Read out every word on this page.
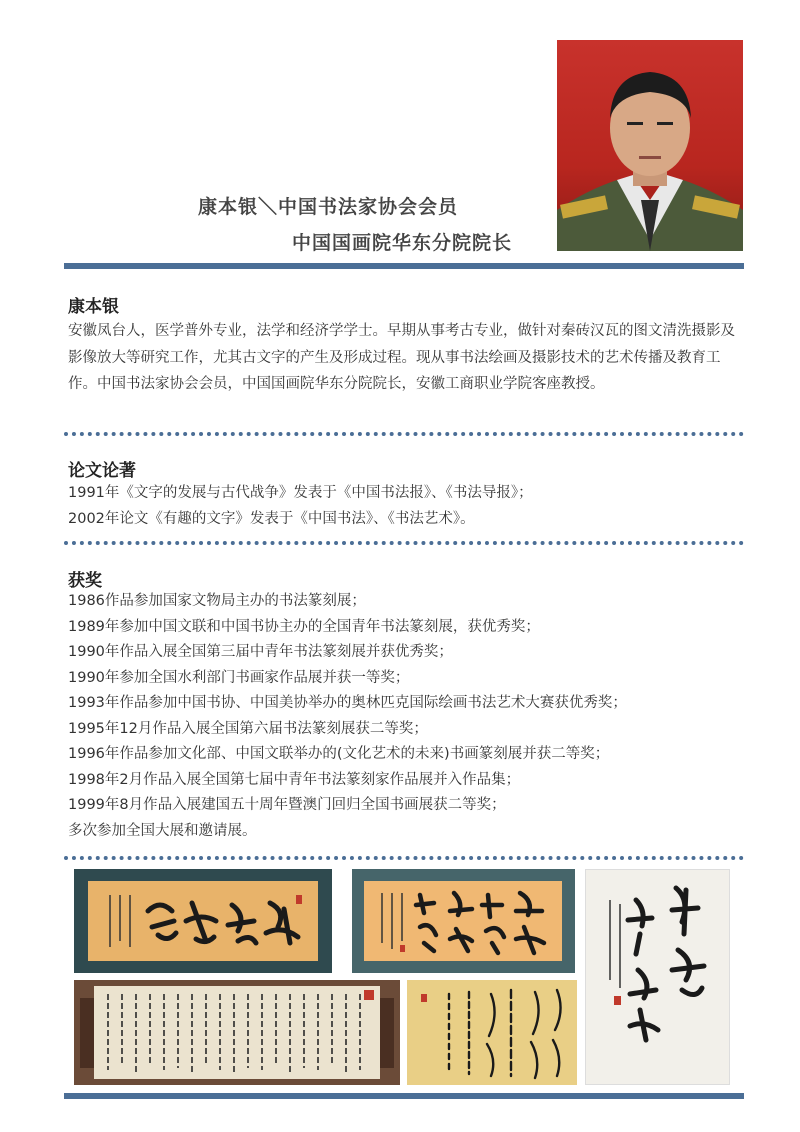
康本银＼中国书法家协会会员
中国国画院华东分院院长
康本银
安徽凤台人，医学普外专业，法学和经济学学士。早期从事考古专业，做针对秦砖汉瓦的图文清洗摄影及影像放大等研究工作，尤其古文字的产生及形成过程。现从事书法绘画及摄影技术的艺术传播及教育工作。中国书法家协会会员，中国国画院华东分院院长，安徽工商职业学院客座教授。
论文论著
1991年《文字的发展与古代战争》发表于《中国书法报》、《书法导报》；
2002年论文《有趣的文字》发表于《中国书法》、《书法艺术》。
获奖
1986作品参加国家文物局主办的书法篆刻展；
1989年参加中国文联和中国书协主办的全国青年书法篆刻展，获优秀奖；
1990年作品入展全国第三届中青年书法篆刻展并获优秀奖；
1990年参加全国水利部门书画家作品展并获一等奖；
1993年作品参加中国书协、中国美协举办的奥林匹克国际绘画书法艺术大赛获优秀奖；
1995年12月作品入展全国第六届书法篆刻展获二等奖；
1996年作品参加文化部、中国文联举办的(文化艺术的未来)书画篆刻展并获二等奖；
1998年2月作品入展全国第七届中青年书法篆刻家作品展并入作品集；
1999年8月作品入展建国五十周年暨澳门回归全国书画展获二等奖；
多次参加全国大展和邀请展。
